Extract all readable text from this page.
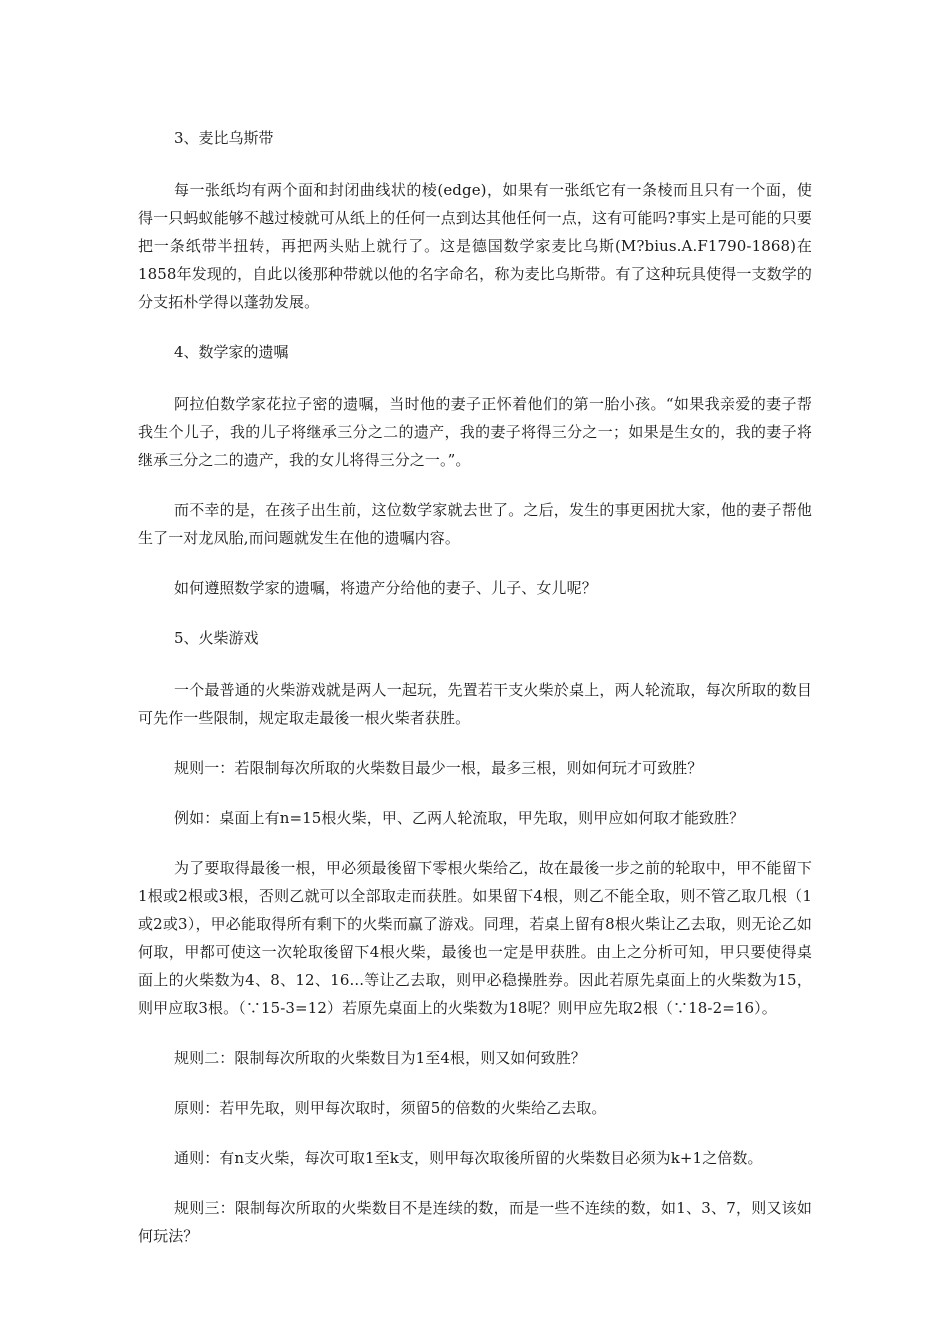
3、麦比乌斯带

每一张纸均有两个面和封闭曲线状的棱(edge)，如果有一张纸它有一条棱而且只有一个面，使得一只蚂蚁能够不越过棱就可从纸上的任何一点到达其他任何一点，这有可能吗?事实上是可能的只要把一条纸带半扭转，再把两头贴上就行了。这是德国数学家麦比乌斯(M?bius.A.F1790-1868)在1858年发现的，自此以後那种带就以他的名字命名，称为麦比乌斯带。有了这种玩具使得一支数学的分支拓朴学得以蓬勃发展。

4、数学家的遗嘱

阿拉伯数学家花拉子密的遗嘱，当时他的妻子正怀着他们的第一胎小孩。“如果我亲爱的妻子帮我生个儿子，我的儿子将继承三分之二的遗产，我的妻子将得三分之一；如果是生女的，我的妻子将继承三分之二的遗产，我的女儿将得三分之一。”。

而不幸的是，在孩子出生前，这位数学家就去世了。之后，发生的事更困扰大家，他的妻子帮他生了一对龙凤胎,而问题就发生在他的遗嘱内容。

如何遵照数学家的遗嘱，将遗产分给他的妻子、儿子、女儿呢？

5、火柴游戏

一个最普通的火柴游戏就是两人一起玩，先置若干支火柴於桌上，两人轮流取，每次所取的数目可先作一些限制，规定取走最後一根火柴者获胜。

规则一：若限制每次所取的火柴数目最少一根，最多三根，则如何玩才可致胜？

例如：桌面上有n=15根火柴，甲、乙两人轮流取，甲先取，则甲应如何取才能致胜？

为了要取得最後一根，甲必须最後留下零根火柴给乙，故在最後一步之前的轮取中，甲不能留下1根或2根或3根，否则乙就可以全部取走而获胜。如果留下4根，则乙不能全取，则不管乙取几根（1或2或3），甲必能取得所有剩下的火柴而赢了游戏。同理，若桌上留有8根火柴让乙去取，则无论乙如何取，甲都可使这一次轮取後留下4根火柴，最後也一定是甲获胜。由上之分析可知，甲只要使得桌面上的火柴数为4、8、12、16...等让乙去取，则甲必稳操胜券。因此若原先桌面上的火柴数为15，则甲应取3根。（∵15-3=12）若原先桌面上的火柴数为18呢？则甲应先取2根（∵18-2=16）。

规则二：限制每次所取的火柴数目为1至4根，则又如何致胜？

原则：若甲先取，则甲每次取时，须留5的倍数的火柴给乙去取。

通则：有n支火柴，每次可取1至k支，则甲每次取後所留的火柴数目必须为k+1之倍数。

规则三：限制每次所取的火柴数目不是连续的数，而是一些不连续的数，如1、3、7，则又该如何玩法？
